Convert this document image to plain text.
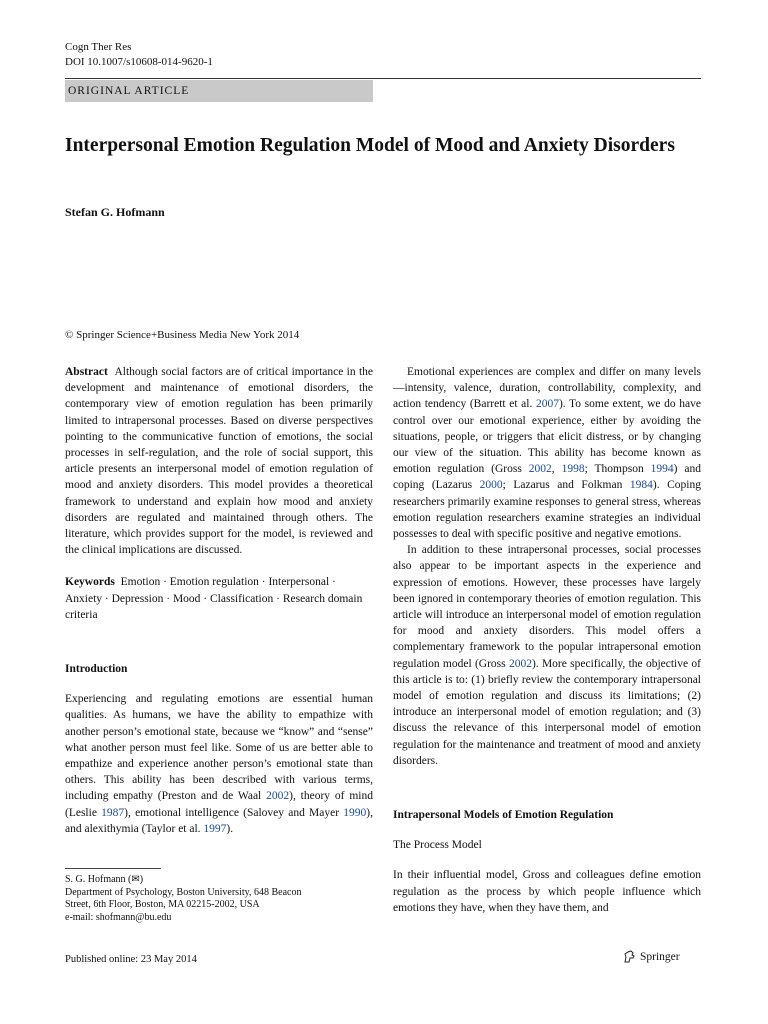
Cogn Ther Res
DOI 10.1007/s10608-014-9620-1
ORIGINAL ARTICLE
Interpersonal Emotion Regulation Model of Mood and Anxiety Disorders
Stefan G. Hofmann
© Springer Science+Business Media New York 2014

Abstract Although social factors are of critical importance in the development and maintenance of emotional disorders, the contemporary view of emotion regulation has been primarily limited to intrapersonal processes. Based on diverse perspectives pointing to the communicative function of emotions, the social processes in self-regulation, and the role of social support, this article presents an interpersonal model of emotion regulation of mood and anxiety disorders. This model provides a theoretical framework to understand and explain how mood and anxiety disorders are regulated and maintained through others. The literature, which provides support for the model, is reviewed and the clinical implications are discussed.

Keywords Emotion · Emotion regulation · Interpersonal · Anxiety · Depression · Mood · Classification · Research domain criteria

Introduction

Experiencing and regulating emotions are essential human qualities. As humans, we have the ability to empathize with another person’s emotional state, because we “know” and “sense” what another person must feel like. Some of us are better able to empathize and experience another person’s emotional state than others. This ability has been described with various terms, including empathy (Preston and de Waal 2002), theory of mind (Leslie 1987), emotional intelligence (Salovey and Mayer 1990), and alexithymia (Taylor et al. 1997).

Emotional experiences are complex and differ on many levels—intensity, valence, duration, controllability, complexity, and action tendency (Barrett et al. 2007). To some extent, we do have control over our emotional experience, either by avoiding the situations, people, or triggers that elicit distress, or by changing our view of the situation. This ability has become known as emotion regulation (Gross 2002, 1998; Thompson 1994) and coping (Lazarus 2000; Lazarus and Folkman 1984). Coping researchers primarily examine responses to general stress, whereas emotion regulation researchers examine strategies an individual possesses to deal with specific positive and negative emotions.

In addition to these intrapersonal processes, social processes also appear to be important aspects in the experience and expression of emotions. However, these processes have largely been ignored in contemporary theories of emotion regulation. This article will introduce an interpersonal model of emotion regulation for mood and anxiety disorders. This model offers a complementary framework to the popular intrapersonal emotion regulation model (Gross 2002). More specifically, the objective of this article is to: (1) briefly review the contemporary intrapersonal model of emotion regulation and discuss its limitations; (2) introduce an interpersonal model of emotion regulation; and (3) discuss the relevance of this interpersonal model of emotion regulation for the maintenance and treatment of mood and anxiety disorders.

Intrapersonal Models of Emotion Regulation

The Process Model

In their influential model, Gross and colleagues define emotion regulation as the process by which people influence which emotions they have, when they have them, and

S. G. Hofmann (✉)
Department of Psychology, Boston University, 648 Beacon
Street, 6th Floor, Boston, MA 02215-2002, USA
e-mail: shofmann@bu.edu
Published online: 23 May 2014	Springer
